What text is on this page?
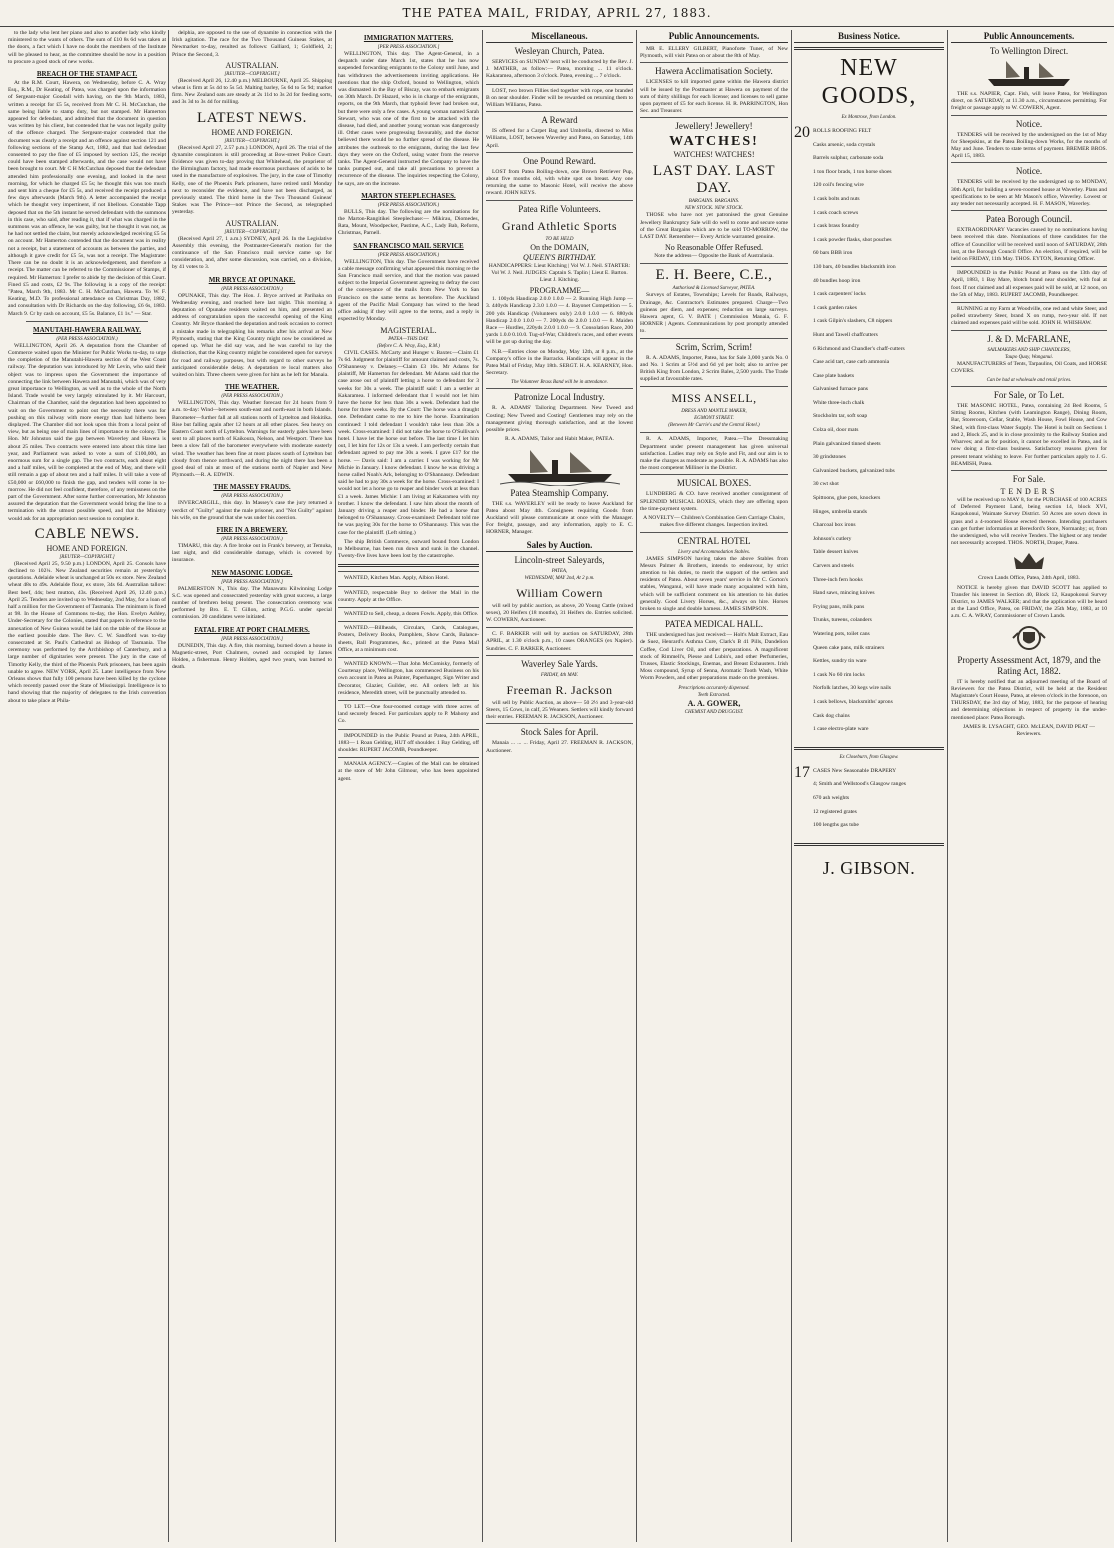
THE PATEA MAIL, FRIDAY, APRIL 27, 1883.

to the lady who lent her piano and also to another lady who kindly ministered to the wants of others. The sum of £10 8s 6d was taken at the doors, a fact which I have no doubt the members of the Institute will be pleased to hear, as the committee should be now in a position to procure a good stock of new works.

BREACH OF THE STAMP ACT.

At the R.M. Court, Hawera, on Wednesday, before C. A. Wray Esq., R.M., Dr Keating, of Patea, was charged upon the information of Sergeant-major Goodall with having, on the 9th March, 1883, written a receipt for £5 5s, received from Mr C. H. McCutchan, the same being liable to stamp duty, but not stamped. Mr Hamerton appeared for defendant, and admitted that the document in question was written by his client, but contended that he was not legally guilty of the offence charged. The Sergeant-major contended that the document was clearly a receipt and an offence against section 121 and following sections of the Stamp Act, 1882, and that had defendant consented to pay the fine of £5 imposed by section 125, the receipt could have been stamped afterwards, and the case would not have been brought to court. Mr C H McCutchan deposed that the defendant attended him professionally one evening, and looked in the next morning, for which he charged £5 5s; he thought this was too much and sent him a cheque for £5 5s, and received the receipt produced a few days afterwards (March 9th). A letter accompanied the receipt which he thought very impertinent, if not libellous. Constable Tapp deposed that on the 5th instant he served defendant with the summons in this case, who said, after reading it, that if what was charged in the summons was an offence, he was guilty, but he thought it was not, as he had not settled the claim, but merely acknowledged receiving £5 5s on account. Mr Hamerton contended that the document was in reality not a receipt, but a statement of accounts as between the parties, and although it gave credit for £5 5s, was not a receipt. The Magistrate: There can be no doubt it is an acknowledgement, and therefore a receipt. The matter can be referred to the Commissioner of Stamps, if required. Mr Hamerton: I prefer to abide by the decision of this Court. Fined £5 and costs, £2 9s. The following is a copy of the receipt: "Patea, March 9th, 1883. Mr C. H. McCutchan, Hawera. To W. F. Keating, M.D. To professional attendance on Christmas Day, 1882, and consultation with Dr Richards on the day following, £6 6s, 1883. March 9. Cr by cash on account, £5 5s. Balance, £1 1s." — Star.

MANUTAHI-HAWERA RAILWAY.
(PER PRESS ASSOCIATION.)

WELLINGTON, April 26. A deputation from the Chamber of Commerce waited upon the Minister for Public Works to-day, to urge the completion of the Manutahi-Hawera section of the West Coast railway. The deputation was introduced by Mr Levin, who said their object was to impress upon the Government the importance of connecting the link between Hawera and Manutahi, which was of very great importance to Wellington, as well as to the whole of the North Island. Trade would be very largely stimulated by it. Mr Harcourt, Chairman of the Chamber, said the deputation had been appointed to wait on the Government to point out the necessity there was for pushing on this railway with more energy than had hitherto been displayed. The Chamber did not look upon this from a local point of view, but as being one of main lines of importance to the colony. The Hon. Mr Johnston said the gap between Waverley and Hawera is about 25 miles. Two contracts were entered into about this time last year, and Parliament was asked to vote a sum of £100,000, an enormous sum for a single gap. The two contracts, each about eight and a half miles, will be completed at the end of May, and there will still remain a gap of about ten and a half miles. It will take a vote of £50,000 or £60,000 to finish the gap, and tenders will come in to-morrow. He did not feel confident, therefore, of any remissness on the part of the Government. After some further conversation, Mr Johnston assured the deputation that the Government would bring the line to a termination with the utmost possible speed, and that the Ministry would ask for an appropriation next session to complete it.

CABLE NEWS.
HOME AND FOREIGN.
[REUTER—COPYRIGHT.]

(Received April 25, 9.50 p.m.) LONDON, April 25. Consols have declined to 102¼. New Zealand securities remain at yesterday's quotations. Adelaide wheat is unchanged at 50s ex store. New Zealand wheat 48s to 49s. Adelaide flour, ex store, 34s 6d. Australian tallow: Best beef, 44s; best mutton, 43s. (Received April 26, 12.40 p.m.) April 25. Tenders are invited up to Wednesday, 2nd May, for a loan of half a million for the Government of Tasmania. The minimum is fixed at 98. In the House of Commons to-day, the Hon. Evelyn Ashley, Under-Secretary for the Colonies, stated that papers in reference to the annexation of New Guinea would be laid on the table of the House at the earliest possible date. The Rev. C. W. Sandford was to-day consecrated at St. Paul's Cathedral as Bishop of Tasmania. The ceremony was performed by the Archbishop of Canterbury, and a large number of dignitaries were present. The jury in the case of Timothy Kelly, the third of the Phoenix Park prisoners, has been again unable to agree. NEW YORK, April 25. Later intelligence from New Orleans shows that fully 100 persons have been killed by the cyclone which recently passed over the State of Mississippi. Intelligence is to hand showing that the majority of delegates to the Irish convention about to take place at Phila-

delphia, are opposed to the use of dynamite in connection with the Irish agitation. The race for the Two Thousand Guineas Stakes, at Newmarket to-day, resulted as follows: Galliard, 1; Goldfield, 2; Prince the Second, 3.

AUSTRALIAN.
[REUTER—COPYRIGHT.]

(Received April 26, 12.40 p.m.) MELBOURNE, April 25. Shipping wheat is firm at 5s 4d to 5s 5d. Malting barley, 5s 6d to 5s 9d; market firm. New Zealand oats are steady at 2s 11d to 3s 2d for feeding sorts, and 3s 3d to 3s 4d for milling.

LATEST NEWS.
HOME AND FOREIGN.
[REUTER—COPYRIGHT.]

(Received April 27, 2.57 p.m.) LONDON, April 26. The trial of the dynamite conspirators is still proceeding at Bow-street Police Court. Evidence was given to-day proving that Whitehead, the proprietor of the Birmingham factory, had made enormous purchases of acids to be used in the manufacture of explosives. The jury, in the case of Timothy Kelly, one of the Phoenix Park prisoners, have retired until Monday next to reconsider the evidence, and have not been discharged, as previously stated. The third horse in the Two Thousand Guineas' Stakes was The Prince—not Prince the Second, as telegraphed yesterday.

AUSTRALIAN.
[REUTER—COPYRIGHT.]

(Received April 27, 1 a.m.) SYDNEY, April 26. In the Legislative Assembly this evening, the Postmaster-General's motion for the continuance of the San Francisco mail service came up for consideration, and, after some discussion, was carried, on a division, by 41 votes to 3.

MR BRYCE AT OPUNAKE.
(PER PRESS ASSOCIATION.)

OPUNAKE, This day. The Hon. J. Bryce arrived at Parihaka on Wednesday evening, and reached here last night. This morning a deputation of Opunake residents waited on him, and presented an address of congratulation upon the successful opening of the King Country. Mr Bryce thanked the deputation and took occasion to correct a mistake made in telegraphing his remarks after his arrival at New Plymouth, stating that the King Country might now be considered as opened up. What he did say was, and he was careful to lay the distinction, that the King country might be considered open for surveys for road and railway purposes, but with regard to other surveys he anticipated considerable delay. A deputation re local matters also waited on him. Three cheers were given for him as he left for Manaia.

THE WEATHER.
(PER PRESS ASSOCIATION.)

WELLINGTON, This day. Weather forecast for 24 hours from 9 a.m. to-day: Wind—between south-east and north-east in both Islands. Barometer—further fall at all stations north of Lyttelton and Hokitika. Rise but falling again after 12 hours at all other places. Sea heavy on Eastern Coast north of Lyttelton. Warnings for easterly gales have been sent to all places north of Kaikoura, Nelson, and Westport. There has been a slow fall of the barometer everywhere with moderate easterly wind. The weather has been fine at most places south of Lyttelton but cloudy from thence northward, and during the night there has been a good deal of rain at most of the stations north of Napier and New Plymouth.—R. A. EDWIN.

THE MASSEY FRAUDS.
(PER PRESS ASSOCIATION.)

INVERCARGILL, this day. In Massey's case the jury returned a verdict of "Guilty" against the male prisoner, and "Not Guilty" against his wife, on the ground that she was under his coercion.

FIRE IN A BREWERY.
(PER PRESS ASSOCIATION.)

TIMARU, this day. A fire broke out in Frank's brewery, at Temuka, last night, and did considerable damage, which is covered by insurance.

NEW MASONIC LODGE.
[PER PRESS ASSOCIATION.]

PALMERSTON N., This day. The Manawatu Kilwinning Lodge S.C. was opened and consecrated yesterday with great success, a large number of brethren being present. The consecration ceremony was performed by Bro. E. T. Gillon, acting P.G.G. under special commission. 20 candidates were initiated.

FATAL FIRE AT PORT CHALMERS.
[PER PRESS ASSOCIATION.]

DUNEDIN, This day. A fire, this morning, burned down a house in Magnetic-street, Port Chalmers, owned and occupied by James Holden, a fisherman. Henry Holden, aged two years, was burned to death.

IMMIGRATION MATTERS.
[PER PRESS ASSOCIATION.]

WELLINGTON, This day. The Agent-General, in a despatch under date March 1st, states that he has now suspended forwarding emigrants to the Colony until June, and has withdrawn the advertisements inviting applications. He mentions that the ship Oxford, bound to Wellington, which was dismasted in the Bay of Biscay, was to embark emigrants on 30th March. Dr Hazard, who is in charge of the emigrants, reports, on the 9th March, that typhoid fever had broken out, but there were only a few cases. A young woman named Sarah Stewart, who was one of the first to be attacked with the disease, had died, and another young woman was dangerously ill. Other cases were progressing favourably, and the doctor believed there would be no further spread of the disease. He attributes the outbreak to the emigrants, during the last few days they were on the Oxford, using water from the reserve tanks. The Agent-General instructed the Company to have the tanks pumped out, and take all precautions to prevent a recurrence of the disease. The inquiries respecting the Colony, he says, are on the increase.

MARTON STEEPLECHASES.
(PER PRESS ASSOCIATION.)

BULLS, This day. The following are the nominations for the Marton-Rangitikei Steeplechase:— Mikirau, Diomedes, Rata, Mount, Woodpecker, Pastime, A.C., Lady Bab, Reform, Christmas, Parnell.

SAN FRANCISCO MAIL SERVICE
(PER PRESS ASSOCIATION.)

WELLINGTON, This day. The Government have received a cable message confirming what appeared this morning re the San Francisco mail service, and that the motion was passed subject to the Imperial Government agreeing to defray the cost of the conveyance of the mails from New York to San Francisco on the same terms as heretofore. The Auckland agent of the Pacific Mail Company has wired to the head office asking if they will agree to the terms, and a reply is expected by Monday.

MAGISTERIAL.
PATEA—THIS DAY.
(Before C. A. Wray, Esq., R.M.)

CIVIL CASES. McCarty and Hunger v. Baxter.—Claim £1 7s 6d. Judgment for plaintiff for amount claimed and costs, 7s. O'Shannessy v. Delaney.—Claim £3 10s. Mr Adams for plaintiff, Mr Hamerton for defendant. Mr Adams said that the case arose out of plaintiff letting a horse to defendant for 3 weeks for 30s a week. The plaintiff said: I am a settler at Kakaramea. I informed defendant that I would not let him have the horse for less than 30s a week. Defendant had the horse for three weeks. By the Court: The horse was a draught one. Defendant came to me to hire the horse. Examination continued: I told defendant I wouldn't take less than 30s a week. Cross-examined: I did not take the horse to O'Sullivan's hotel. I have let the horse out before. The last time I let him out, I let him for 12s or 13s a week. I am perfectly certain that defendant agreed to pay me 30s a week. I gave £17 for the horse. — Davis said: I am a carrier. I was working for Mr Michie in January. I know defendant. I know he was driving a horse called Noah's Ark, belonging to O'Shannassy. Defendant said he had to pay 30s a week for the horse. Cross-examined: I would not let a horse go to reaper and binder work at less than £1 a week. James Michie: I am living at Kakaramea with my brother. I know the defendant. I saw him about the month of January driving a reaper and binder. He had a horse that belonged to O'Shannassy. Cross-examined: Defendant told me he was paying 30s for the horse to O'Shannassy. This was the case for the plaintiff. (Left sitting.)

The ship British Commerce, outward bound from London to Melbourne, has been run down and sunk in the channel. Twenty-five lives have been lost by the catastrophe.

WANTED, Kitchen Man. Apply, Albion Hotel.

WANTED, respectable Boy to deliver the Mail in the country. Apply at the Office.

WANTED to Sell, cheap, a dozen Fowls. Apply, this Office.

WANTED.—Billheads, Circulars, Cards, Catalogues, Posters, Delivery Books, Pamphlets, Show Cards, Balance-sheets, Ball Programmes, &c., printed at the Patea Mail Office, at a minimum cost.

WANTED KNOWN.—That John McComisky, formerly of Courtenay place, Wellington, has commenced Business on his own account in Patea as Painter, Paperhanger, Sign Writer and Decorator, Glazier, Guilder, etc. All orders left at his residence, Meredith street, will be punctually attended to.

TO LET.—One four-roomed cottage with three acres of land securely fenced. For particulars apply to P. Mahony and Co.

IMPOUNDED in the Public Pound at Patea, 24th APRIL, 1883— 1 Roan Gelding, HUT off shoulder. 1 Bay Gelding, off shoulder. RUPERT JACOMB, Poundkeeper.

MANAIA AGENCY.—Copies of the Mail can be obtained at the store of Mr John Gilmour, who has been appointed agent.

Miscellaneous.
Wesleyan Church, Patea.

SERVICES on SUNDAY next will be conducted by the Rev. J. J. MATHER, as follow:— Patea, morning ... 11 o'clock. Kakaramea, afternoon 3 o'clock. Patea, evening ... 7 o'clock.

LOST, two brown Fillies tied together with rope, one branded B on near shoulder. Finder will be rewarded on returning them to William Williams, Patea.

A Reward

IS offered for a Carpet Bag and Umbrella, directed to Miss Williams, LOST, between Waverley and Patea, on Saturday, 14th April.

One Pound Reward.

LOST from Patea Boiling-down, one Brown Retriever Pup, about five months old, with white spot on breast. Any one returning the same to Masonic Hotel, will receive the above reward. JOHN KEYS.

Patea Rifle Volunteers.
Grand Athletic Sports
TO BE HELD
On the DOMAIN,
QUEEN'S BIRTHDAY.

HANDICAPPERS: Lieut Kitching | Vol W. J. Neil. STARTER: Vol W. J. Neil. JUDGES: Captain S. Taplin | Lieut E. Barton. Lieut J. Kitching.

PROGRAMME—

1. 100yds Handicap 2.0.0 1.0.0 — 2. Running High Jump — 3. 440yds Handicap 2.3.0 1.0.0 — 4. Bayonet Competition — 5. 200 yds Handicap (Volunteers only) 2.0.0 1.0.0 — 6. 880yds Handicap 2.0.0 1.0.0 — 7. 200yds do 2.0.0 1.0.0 — 8. Maiden Race — Hurdles, 220yds 2.0.0 1.0.0 — 9. Consolation Race, 200 yards 1.0.0 0.10.0. Tug-of-War, Children's races, and other events will be got up during the day.

N.B.—Entries close on Monday, May 12th, at 8 p.m., at the Company's office in the Barracks. Handicaps will appear in the Patea Mail of Friday, May 18th. SERGT. H. A. KEARNEY, Hon. Secretary.

The Volunteer Brass Band will be in attendance.
Patronize Local Industry.

R. A. ADAMS' Tailoring Department. New Tweed and Costing; New Tweed and Costing! Gentlemen may rely on the management giving thorough satisfaction, and at the lowest possible prices.

R. A. ADAMS, Tailor and Habit Maker, PATEA.

Patea Steamship Company.

THE s.s. WAVERLEY will be ready to leave Auckland for Patea about May 4th. Consignees requiring Goods from Auckland will please communicate at once with the Manager. For freight, passage, and any information, apply to E. C. HORNER, Manager.

Sales by Auction.
Lincoln-street Saleyards,
PATEA,
WEDNESDAY, MAY 2nd, At 2 p.m.
William Cowern

will sell by public auction, as above, 20 Young Cattle (mixed sexes), 20 Heifers (18 months), 31 Heifers do. Entries solicited. W. COWERN, Auctioneer.

C. F. BARKER will sell by auction on SATURDAY, 28th APRIL, at 1.30 o'clock p.m., 10 cases ORANGES (ex Napier). Sundries. C. F. BARKER, Auctioneer.

Waverley Sale Yards.
FRIDAY, 4th MAY.
Freeman R. Jackson

will sell by Public Auction, as above— 50 2½ and 3-year-old Steers, 15 Cows, in calf, 25 Weaners. Settlers will kindly forward their entries. FREEMAN R. JACKSON, Auctioneer.

Stock Sales for April.

Manaia ... ... ... Friday, April 27. FREEMAN R. JACKSON, Auctioneer.

Public Announcements.

MR E. ELLERY GILBERT, Pianoforte Tuner, of New Plymouth, will visit Patea on or about the 8th of May.

Hawera Acclimatisation Society.

LICENSES to kill imported game within the Hawera district will be issued by the Postmaster at Hawera on payment of the sum of thirty shillings for each license; and licenses to sell game upon payment of £5 for each license. H. R. PARRINGTON, Hon Sec. and Treasurer.

Jewellery! Jewellery!
WATCHES!
WATCHES! WATCHES!
LAST DAY. LAST DAY.
BARGAINS. BARGAINS.
NEW STOCK. NEW STOCK.

THOSE who have not yet patronised the great Genuine Jewellery Bankruptcy Sale will do well to come and secure some of the Great Bargains which are to be sold TO-MORROW, the LAST DAY. Remember— Every Article warranted genuine.

No Reasonable Offer Refused.

Note the address— Opposite the Bank of Australasia.

E. H. Beere, C.E.,
Authorised & Licensed Surveyor, PATEA.

Surveys of Estates, Townships; Levels for Roads, Railways, Drainage, &c. Contractor's Estimates prepared. Charge—Two guineas per diem, and expenses; reduction on large surveys. Hawera agent, G. V. BATE | Commission Manaia, G. F. HORNER | Agents. Communications by post promptly attended to.

Scrim, Scrim, Scrim!

R. A. ADAMS, Importer, Patea, has for Sale 3,000 yards No. 0 and No. 1 Scrim at 5½d and 6d yd per bolt; also to arrive per British King from London, 2 Scrim Bales, 2,500 yards. The Trade supplied at favourable rates.

MISS ANSELL,
DRESS AND MANTLE MAKER,
EGMONT STREET.
(Between Mr Currie's and the Central Hotel.)

R. A. ADAMS, Importer, Patea.—The Dressmaking Department under present management has given universal satisfaction. Ladies may rely on Style and Fit, and our aim is to make the charges as moderate as possible. R. A. ADAMS has also the most competent Milliner in the District.

MUSICAL BOXES.

LUNDBERG & CO. have received another consignment of SPLENDID MUSICAL BOXES, which they are offering upon the time-payment system.

A NOVELTY— Children's Combination Gem Carriage Chairs, makes five different changes. Inspection invited.

CENTRAL HOTEL
Livery and Accommodation Stables.

JAMES SIMPSON having taken the above Stables from Messrs Palmer & Brothers, intends to endeavour, by strict attention to his duties, to merit the support of the settlers and residents of Patea. About seven years' service in Mr C. Gorton's stables, Wanganui, will have made many acquainted with him, which will be sufficient comment on his attention to his duties generally. Good Livery Horses, &c., always on hire. Horses broken to single and double harness. JAMES SIMPSON.

PATEA MEDICAL HALL.

THE undersigned has just received:— Holt's Malt Extract, Eau de Suez, Henrard's Asthma Cure, Clark's B 41 Pills, Dandelion Coffee, Cod Liver Oil, and other preparations. A magnificent stock of Rimmell's, Piesse and Lubin's, and other Perfumeries, Trusses, Elastic Stockings, Enemas, and Breast Exhausters. Irish Moss compound, Syrup of Senna, Aromatic Tooth Wash, White Worm Powders, and other preparations made on the premises.

Prescriptions accurately dispensed.
Teeth Extracted.
A. A. GOWER,
CHEMIST AND DRUGGIST.
Business Notice.
NEW GOODS,
Ex Montrose, from London.
20 ROLLS ROOFING FELT
Casks arsenic, soda crystals
Barrels sulphur, carbonate soda
1 ton floor brads, 1 ton horse shoes
120 coil's fencing wire
1 cask bolts and nuts
1 cask coach screws
1 cask brass foundry
1 cask powder flasks, shot pouches
60 bars BBB iron
130 bars, 40 bundles blacksmith iron
40 bundles hoop iron
1 cask carpenters' locks
1 cask garden rakes
1 cask Gilpin's slashers, C8 nippers
Hunt and Tawell chaffcutters
6 Richmond and Chandler's chaff-cutters
Case acid tart, case carb ammonia
Case plate baskets
Galvanised furnace pans
White three-inch chalk
Stockholm tar, soft soap
Colza oil, door mats
Plain galvanized tinned sheets
30 grindstones
Galvanized buckets, galvanized tubs
30 cwt shot
Spittoons, glue pots, knockers
Hinges, umbrella stands
Charcoal box irons
Johnson's cutlery
Table dessert knives
Carvers and steels
Three-inch fern hooks
Hand saws, mincing knives
Frying pans, milk pans
Trunks, tureens, colanders
Watering pots, toilet cans
Queen cake pans, milk strainers
Kettles, sundry tin ware
1 cask No 60 rim locks
Norfolk latches, 30 kegs wire nails
1 cask bellows, blacksmiths' aprons
Cask dog chains
1 case electro-plate ware
Ex Closeburn, from Glasgow.
17 CASES New Seasonable DRAPERY
4; Smith and Wellstood's Glasgow ranges
670 ash weights
12 registered grates
100 lengths gas tube
J. GIBSON.
Public Announcements.
To Wellington Direct.

THE s.s. NAPIER, Capt. Fish, will leave Patea, for Wellington direct, on SATURDAY, at 11.30 a.m., circumstances permitting. For freight or passage apply to W. COWERN, Agent.

Notice.

TENDERS will be received by the undersigned on the 1st of May for Sheepskins, at the Patea Boiling-down Works, for the months of May and June. Tenders to state terms of payment. BREMER BROS. April 15, 1883.

Notice.

TENDERS will be received by the undersigned up to MONDAY, 30th April, for building a seven-roomed house at Waverley. Plans and specifications to be seen at Mr Mason's office, Waverley. Lowest or any tender not necessarily accepted. H. F. MASON, Waverley.

Patea Borough Council.

EXTRAORDINARY Vacancies caused by no nominations having been received this date. Nominations of three candidates for the office of Councillor will be received until noon of SATURDAY, 28th inst, at the Borough Council Office. An election, if required, will be held on FRIDAY, 11th May. THOS. EYTON, Returning Officer.

IMPOUNDED in the Public Pound at Patea on the 13th day of April, 1883, 1 Bay Mare, blotch brand near shoulder, with foal at foot. If not claimed and all expenses paid will be sold, at 12 noon, on the 5th of May, 1883. RUPERT JACOMB, Poundkeeper.

RUNNING at my Farm at Woodville, one red and white Steer, and polled strawberry Steer, brand X on rump, two-year old. If not claimed and expenses paid will be sold. JOHN H. WHISHAW.

J. & D. McFARLANE,
SAILMAKERS AND SHIP CHANDLERS,
Taupo Quay, Wanganui.

MANUFACTURERS of Tents, Tarpaulins, Oil Coats, and HORSE COVERS.

Can be had at wholesale and retail prices.
For Sale, or To Let.

THE MASONIC HOTEL, Patea, containing 24 Bed Rooms, 5 Sitting Rooms, Kitchen (with Leamington Range), Dining Room, Bar, Storeroom, Cellar, Stable, Wash House, Fowl House, and Cow Shed, with first-class Water Supply. The Hotel is built on Sections 1 and 2, Block 25, and is in close proximity to the Railway Station and Wharves; and as for position, it cannot be excelled in Patea, and is now doing a first-class business. Satisfactory reasons given for present tenant wishing to leave. For further particulars apply to J. G. BEAMISH, Patea.

For Sale.
TENDERS

will be received up to MAY 8, for the PURCHASE of 100 ACRES of Deferred Payment Land, being section 14, block XVI, Kaupokonui, Waimate Survey District. 50 Acres are sown down in grass and a 4-roomed House erected thereon. Intending purchasers can get further information at Beresford's Store, Normanby; or, from the undersigned, who will receive Tenders. The highest or any tender not necessarily accepted. THOS. NORTH, Draper, Patea.

Crown Lands Office, Patea, 24th April, 1883.

NOTICE is hereby given that DAVID SCOTT has applied to Transfer his interest in Section 40, Block 12, Kaupokonui Survey District, to JAMES WALKER; and that the application will be heard at the Land Office, Patea, on FRIDAY, the 25th May, 1883, at 10 a.m. C. A. WRAY, Commissioner of Crown Lands.

Property Assessment Act, 1879, and the Rating Act, 1882.

IT is hereby notified that an adjourned meeting of the Board of Reviewers for the Patea District, will be held at the Resident Magistrate's Court House, Patea, at eleven o'clock in the forenoon, on THURSDAY, the 3rd day of May, 1883, for the purpose of hearing and determining objections in respect of property in the under-mentioned place: Patea Borough.

JAMES R. LYSAGHT, GEO. McLEAN, DAVID PEAT — Reviewers.
